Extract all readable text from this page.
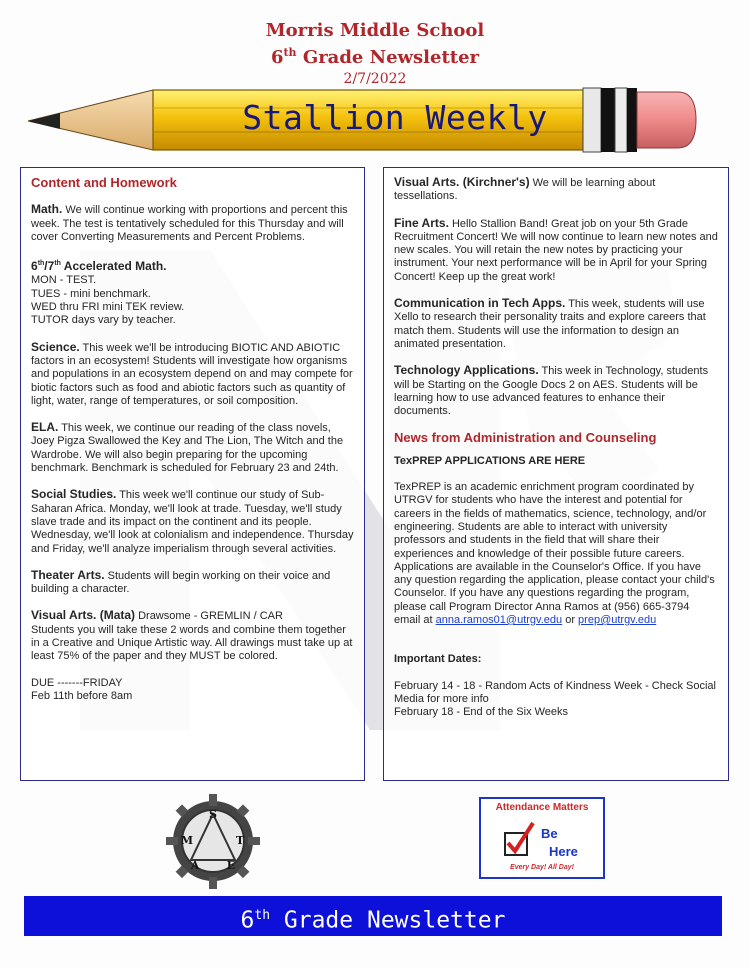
Morris Middle School
6th Grade Newsletter
2/7/2022
Stallion Weekly
Content and Homework
Math. We will continue working with proportions and percent this week. The test is tentatively scheduled for this Thursday and will cover Converting Measurements and Percent Problems.
6th/7th Accelerated Math.
MON - TEST.
TUES - mini benchmark.
WED thru FRI mini TEK review.
TUTOR days vary by teacher.
Science. This week we'll be introducing BIOTIC AND ABIOTIC factors in an ecosystem! Students will investigate how organisms and populations in an ecosystem depend on and may compete for biotic factors such as food and abiotic factors such as quantity of light, water, range of temperatures, or soil composition.
ELA. This week, we continue our reading of the class novels, Joey Pigza Swallowed the Key and The Lion, The Witch and the Wardrobe. We will also begin preparing for the upcoming benchmark. Benchmark is scheduled for February 23 and 24th.
Social Studies. This week we'll continue our study of Sub-Saharan Africa. Monday, we'll look at trade. Tuesday, we'll study slave trade and its impact on the continent and its people. Wednesday, we'll look at colonialism and independence. Thursday and Friday, we'll analyze imperialism through several activities.
Theater Arts. Students will begin working on their voice and building a character.
Visual Arts. (Mata) Drawsome - GREMLIN / CAR
Students you will take these 2 words and combine them together in a Creative and Unique Artistic way. All drawings must take up at least 75% of the paper and they MUST be colored.
DUE -------FRIDAY
Feb 11th before 8am
Visual Arts. (Kirchner's) We will be learning about tessellations.
Fine Arts. Hello Stallion Band! Great job on your 5th Grade Recruitment Concert! We will now continue to learn new notes and new scales. You will retain the new notes by practicing your instrument. Your next performance will be in April for your Spring Concert! Keep up the great work!
Communication in Tech Apps. This week, students will use Xello to research their personality traits and explore careers that match them. Students will use the information to design an animated presentation.
Technology Applications. This week in Technology, students will be Starting on the Google Docs 2 on AES. Students will be learning how to use advanced features to enhance their documents.
News from Administration and Counseling
TexPREP APPLICATIONS ARE HERE
TexPREP is an academic enrichment program coordinated by UTRGV for students who have the interest and potential for careers in the fields of mathematics, science, technology, and/or engineering. Students are able to interact with university professors and students in the field that will share their experiences and knowledge of their possible future careers. Applications are available in the Counselor's Office. If you have any question regarding the application, please contact your child's Counselor. If you have any questions regarding the program, please call Program Director Anna Ramos at (956) 665-3794 email at anna.ramos01@utrgv.edu or prep@utrgv.edu
Important Dates:
February 14 - 18 - Random Acts of Kindness Week - Check Social Media for more info
February 18 - End of the Six Weeks
S
M	T
A	E
Attendance Matters
Be
Here
Every Day! All Day!
6th Grade Newsletter
